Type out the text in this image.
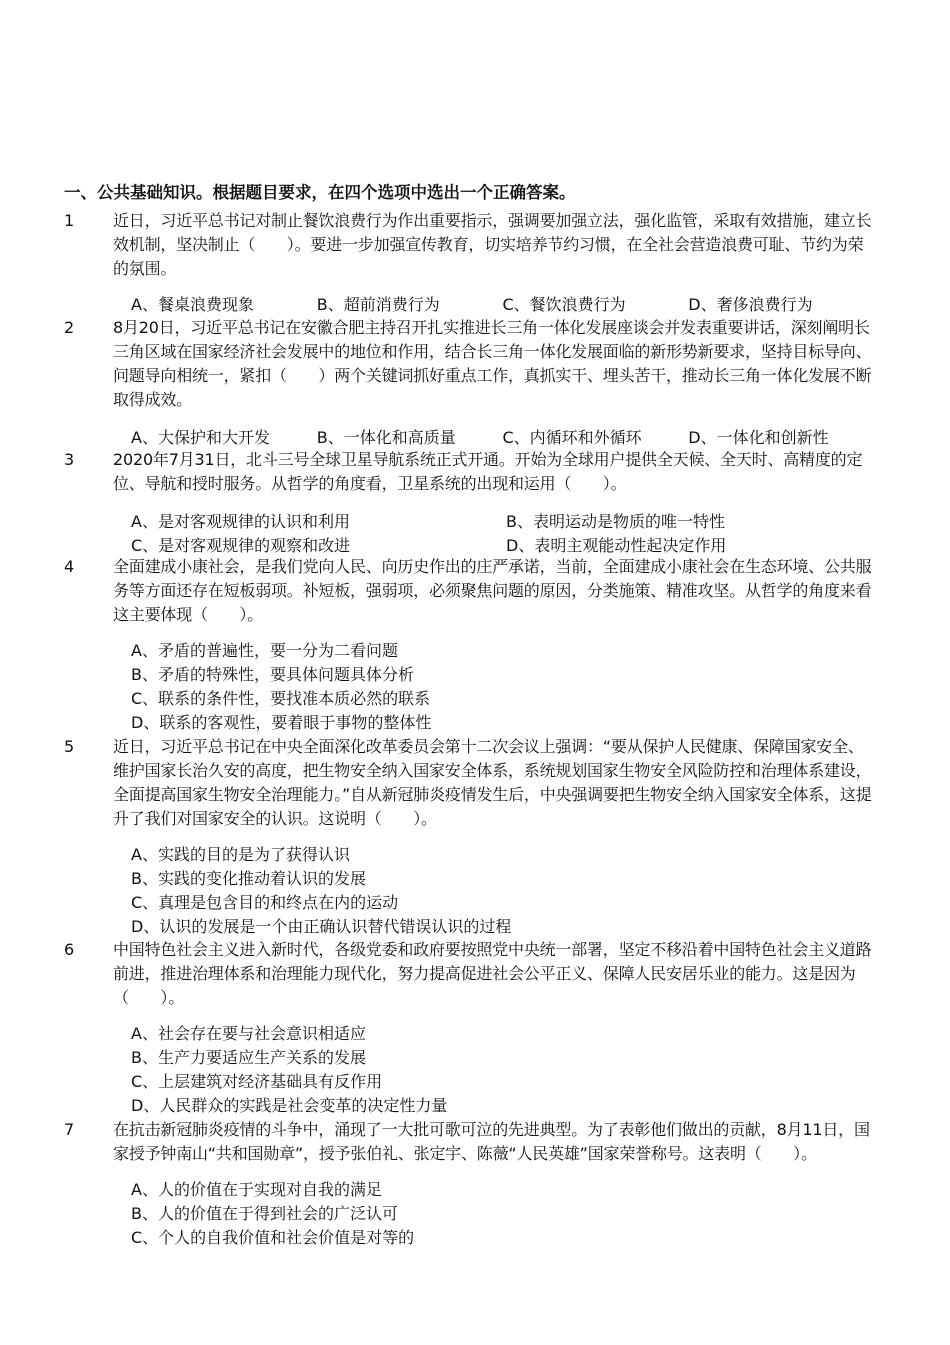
一、公共基础知识。根据题目要求，在四个选项中选出一个正确答案。
1	近日，习近平总书记对制止餐饮浪费行为作出重要指示，强调要加强立法，强化监管，采取有效措施，建立长效机制，坚决制止（　　）。要进一步加强宣传教育，切实培养节约习惯，在全社会营造浪费可耻、节约为荣的氛围。
A、餐桌浪费现象	B、超前消费行为	C、餐饮浪费行为	D、奢侈浪费行为
2	8月20日，习近平总书记在安徽合肥主持召开扎实推进长三角一体化发展座谈会并发表重要讲话，深刻阐明长三角区域在国家经济社会发展中的地位和作用，结合长三角一体化发展面临的新形势新要求，坚持目标导向、问题导向相统一，紧扣（　　）两个关键词抓好重点工作，真抓实干、埋头苦干，推动长三角一体化发展不断取得成效。
A、大保护和大开发	B、一体化和高质量	C、内循环和外循环	D、一体化和创新性
3	2020年7月31日，北斗三号全球卫星导航系统正式开通。开始为全球用户提供全天候、全天时、高精度的定位、导航和授时服务。从哲学的角度看，卫星系统的出现和运用（　　）。
A、是对客观规律的认识和利用	B、表明运动是物质的唯一特性
C、是对客观规律的观察和改进	D、表明主观能动性起决定作用
4	全面建成小康社会，是我们党向人民、向历史作出的庄严承诺，当前，全面建成小康社会在生态环境、公共服务等方面还存在短板弱项。补短板，强弱项，必须聚焦问题的原因，分类施策、精准攻坚。从哲学的角度来看这主要体现（　　）。
A、矛盾的普遍性，要一分为二看问题
B、矛盾的特殊性，要具体问题具体分析
C、联系的条件性，要找准本质必然的联系
D、联系的客观性，要着眼于事物的整体性
5	近日，习近平总书记在中央全面深化改革委员会第十二次会议上强调：“要从保护人民健康、保障国家安全、维护国家长治久安的高度，把生物安全纳入国家安全体系，系统规划国家生物安全风险防控和治理体系建设，全面提高国家生物安全治理能力。”自从新冠肺炎疫情发生后，中央强调要把生物安全纳入国家安全体系，这提升了我们对国家安全的认识。这说明（　　）。
A、实践的目的是为了获得认识
B、实践的变化推动着认识的发展
C、真理是包含目的和终点在内的运动
D、认识的发展是一个由正确认识替代错误认识的过程
6	中国特色社会主义进入新时代，各级党委和政府要按照党中央统一部署，坚定不移沿着中国特色社会主义道路前进，推进治理体系和治理能力现代化，努力提高促进社会公平正义、保障人民安居乐业的能力。这是因为（　　）。
A、社会存在要与社会意识相适应
B、生产力要适应生产关系的发展
C、上层建筑对经济基础具有反作用
D、人民群众的实践是社会变革的决定性力量
7	在抗击新冠肺炎疫情的斗争中，涌现了一大批可歌可泣的先进典型。为了表彰他们做出的贡献，8月11日，国家授予钟南山“共和国勋章”，授予张伯礼、张定宇、陈薇“人民英雄”国家荣誉称号。这表明（　　）。
A、人的价值在于实现对自我的满足
B、人的价值在于得到社会的广泛认可
C、个人的自我价值和社会价值是对等的
